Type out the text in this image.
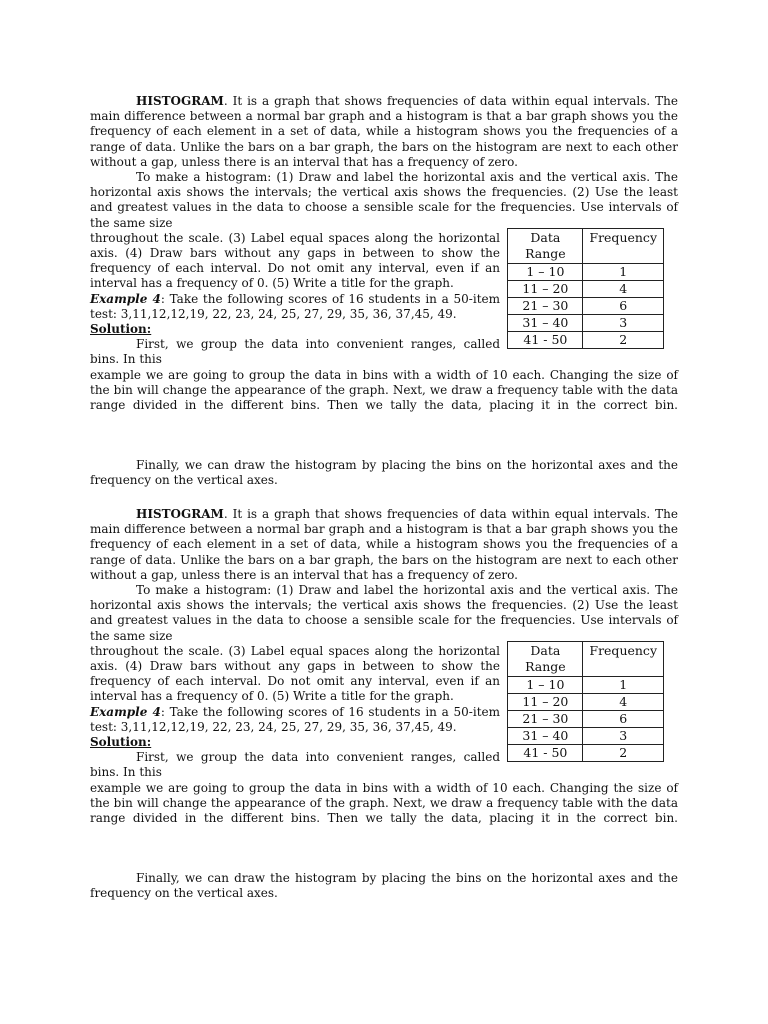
HISTOGRAM. It is a graph that shows frequencies of data within equal intervals. The main difference between a normal bar graph and a histogram is that a bar graph shows you the frequency of each element in a set of data, while a histogram shows you the frequencies of a range of data. Unlike the bars on a bar graph, the bars on the histogram are next to each other without a gap, unless there is an interval that has a frequency of zero.

To make a histogram: (1) Draw and label the horizontal axis and the vertical axis. The horizontal axis shows the intervals; the vertical axis shows the frequencies. (2) Use the least and greatest values in the data to choose a sensible scale for the frequencies. Use intervals of the same size

Data Range	Frequency
1 – 10	1
11 – 20	4
21 – 30	6
31 – 40	3
41 - 50	2

throughout the scale. (3) Label equal spaces along the horizontal axis. (4) Draw bars without any gaps in between to show the frequency of each interval. Do not omit any interval, even if an interval has a frequency of 0. (5) Write a title for the graph.

Example 4: Take the following scores of 16 students in a 50-item test: 3,11,12,12,19, 22, 23, 24, 25, 27, 29, 35, 36, 37,45, 49.

Solution:

First, we group the data into convenient ranges, called bins. In this

example we are going to group the data in bins with a width of 10 each. Changing the size of the bin will change the appearance of the graph. Next, we draw a frequency table with the data range divided in the different bins. Then we tally the data, placing it in the correct bin.

Finally, we can draw the histogram by placing the bins on the horizontal axes and the frequency on the vertical axes.

HISTOGRAM. It is a graph that shows frequencies of data within equal intervals. The main difference between a normal bar graph and a histogram is that a bar graph shows you the frequency of each element in a set of data, while a histogram shows you the frequencies of a range of data. Unlike the bars on a bar graph, the bars on the histogram are next to each other without a gap, unless there is an interval that has a frequency of zero.

To make a histogram: (1) Draw and label the horizontal axis and the vertical axis. The horizontal axis shows the intervals; the vertical axis shows the frequencies. (2) Use the least and greatest values in the data to choose a sensible scale for the frequencies. Use intervals of the same size

Data Range	Frequency
1 – 10	1
11 – 20	4
21 – 30	6
31 – 40	3
41 - 50	2

throughout the scale. (3) Label equal spaces along the horizontal axis. (4) Draw bars without any gaps in between to show the frequency of each interval. Do not omit any interval, even if an interval has a frequency of 0. (5) Write a title for the graph.

Example 4: Take the following scores of 16 students in a 50-item test: 3,11,12,12,19, 22, 23, 24, 25, 27, 29, 35, 36, 37,45, 49.

Solution:

First, we group the data into convenient ranges, called bins. In this

example we are going to group the data in bins with a width of 10 each. Changing the size of the bin will change the appearance of the graph. Next, we draw a frequency table with the data range divided in the different bins. Then we tally the data, placing it in the correct bin.

Finally, we can draw the histogram by placing the bins on the horizontal axes and the frequency on the vertical axes.
